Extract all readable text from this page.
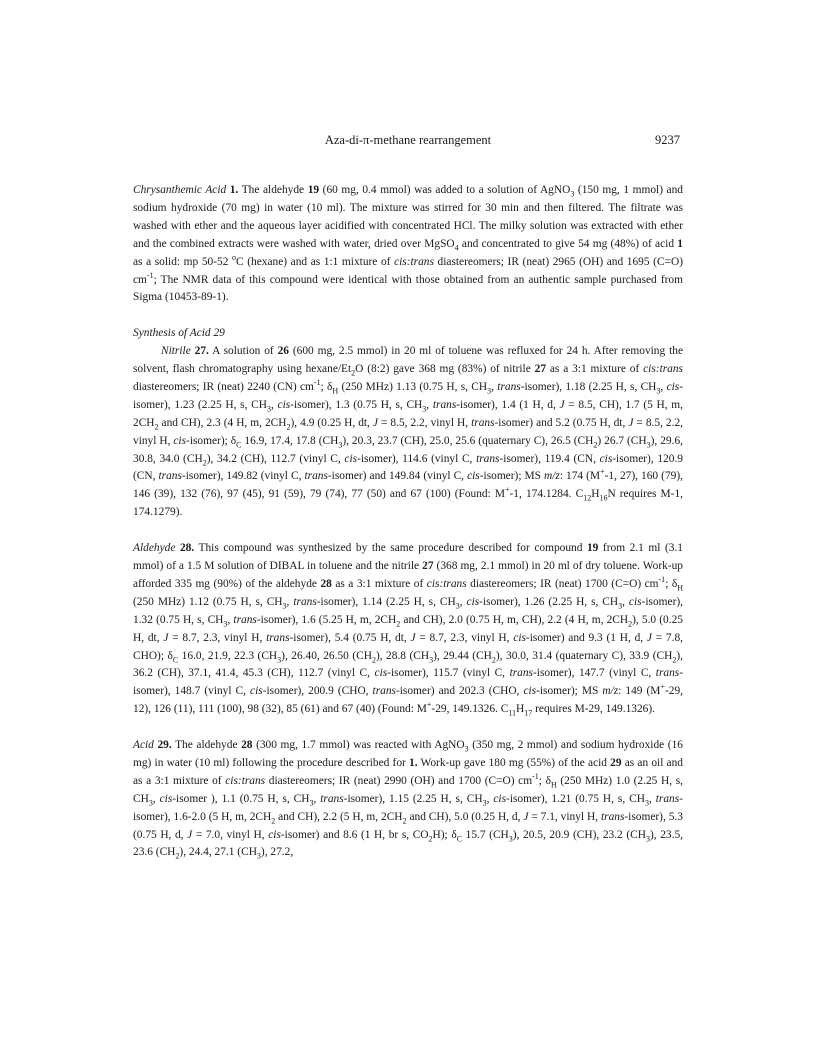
Aza-di-π-methane rearrangement	9237

Chrysanthemic Acid 1. The aldehyde 19 (60 mg, 0.4 mmol) was added to a solution of AgNO$_3$ (150 mg, 1 mmol) and sodium hydroxide (70 mg) in water (10 ml). The mixture was stirred for 30 min and then filtered. The filtrate was washed with ether and the aqueous layer acidified with concentrated HCl. The milky solution was extracted with ether and the combined extracts were washed with water, dried over MgSO$_4$ and concentrated to give 54 mg (48%) of acid 1 as a solid: mp 50-52 $^o$C (hexane) and as 1:1 mixture of cis:trans diastereomers; IR (neat) 2965 (OH) and 1695 (C=O) $cm^{-1}$; The NMR data of this compound were identical with those obtained from an authentic sample purchased from Sigma (10453-89-1).

Synthesis of Acid 29

Nitrile 27. A solution of 26 (600 mg, 2.5 mmol) in 20 ml of toluene was refluxed for 24 h. After removing the solvent, flash chromatography using hexane/$Et_2O$ (8:2) gave 368 mg (83%) of nitrile 27 as a 3:1 mixture of cis:trans diastereomers; IR (neat) 2240 (CN) $cm^{-1}$; $\delta_H$ (250 MHz) 1.13 (0.75 H, s, $CH_3$, trans-isomer), 1.18 (2.25 H, s, $CH_3$, cis-isomer), 1.23 (2.25 H, s, $CH_3$, cis-isomer), 1.3 (0.75 H, s, $CH_3$, trans-isomer), 1.4 (1 H, d, J = 8.5, CH), 1.7 (5 H, m, $2CH_2$ and CH), 2.3 (4 H, m, $2CH_2$), 4.9 (0.25 H, dt, J = 8.5, 2.2, vinyl H, trans-isomer) and 5.2 (0.75 H, dt, J = 8.5, 2.2, vinyl H, cis-isomer); $\delta_C$ 16.9, 17.4, 17.8 $(CH_3)$, 20.3, 23.7 (CH), 25.0, 25.6 (quaternary C), 26.5 $(CH_2)$ 26.7 $(CH_3)$, 29.6, 30.8, 34.0 $(CH_2)$, 34.2 (CH), 112.7 (vinyl C, cis-isomer), 114.6 (vinyl C, trans-isomer), 119.4 (CN, cis-isomer), 120.9 (CN, trans-isomer), 149.82 (vinyl C, trans-isomer) and 149.84 (vinyl C, cis-isomer); MS m/z: 174 (M+-1, 27), 160 (79), 146 (39), 132 (76), 97 (45), 91 (59), 79 (74), 77 (50) and 67 (100) (Found: M+-1, 174.1284. $C_{12}H_{16}N$ requires M-1, 174.1279).

Aldehyde 28. This compound was synthesized by the same procedure described for compound 19 from 2.1 ml (3.1 mmol) of a 1.5 M solution of DIBAL in toluene and the nitrile 27 (368 mg, 2.1 mmol) in 20 ml of dry toluene. Work-up afforded 335 mg (90%) of the aldehyde 28 as a 3:1 mixture of cis:trans diastereomers; IR (neat) 1700 (C=O) $cm^{-1}$; $\delta_H$ (250 MHz) 1.12 (0.75 H, s, $CH_3$, trans-isomer), 1.14 (2.25 H, s, $CH_3$, cis-isomer), 1.26 (2.25 H, s, $CH_3$, cis-isomer), 1.32 (0.75 H, s, $CH_3$, trans-isomer), 1.6 (5.25 H, m, $2CH_2$ and CH), 2.0 (0.75 H, m, CH), 2.2 (4 H, m, $2CH_2$), 5.0 (0.25 H, dt, J = 8.7, 2.3, vinyl H, trans-isomer), 5.4 (0.75 H, dt, J = 8.7, 2.3, vinyl H, cis-isomer) and 9.3 (1 H, d, J = 7.8, CHO); $\delta_C$ 16.0, 21.9, 22.3 $(CH_3)$, 26.40, 26.50 $(CH_2)$, 28.8 $(CH_3)$, 29.44 $(CH_2)$, 30.0, 31.4 (quaternary C), 33.9 $(CH_2)$, 36.2 (CH), 37.1, 41.4, 45.3 (CH), 112.7 (vinyl C, cis-isomer), 115.7 (vinyl C, trans-isomer), 147.7 (vinyl C, trans-isomer), 148.7 (vinyl C, cis-isomer), 200.9 (CHO, trans-isomer) and 202.3 (CHO, cis-isomer); MS m/z: 149 (M+-29, 12), 126 (11), 111 (100), 98 (32), 85 (61) and 67 (40) (Found: M+-29, 149.1326. $C_{11}H_{17}$ requires M-29, 149.1326).

Acid 29. The aldehyde 28 (300 mg, 1.7 mmol) was reacted with AgNO$_3$ (350 mg, 2 mmol) and sodium hydroxide (16 mg) in water (10 ml) following the procedure described for 1. Work-up gave 180 mg (55%) of the acid 29 as an oil and as a 3:1 mixture of cis:trans diastereomers; IR (neat) 2990 (OH) and 1700 (C=O) $cm^{-1}$; $\delta_H$ (250 MHz) 1.0 (2.25 H, s, $CH_3$, cis-isomer ), 1.1 (0.75 H, s, $CH_3$, trans-isomer), 1.15 (2.25 H, s, $CH_3$, cis-isomer), 1.21 (0.75 H, s, $CH_3$, trans-isomer), 1.6-2.0 (5 H, m, $2CH_2$ and CH), 2.2 (5 H, m, $2CH_2$ and CH), 5.0 (0.25 H, d, J = 7.1, vinyl H, trans-isomer), 5.3 (0.75 H, d, J = 7.0, vinyl H, cis-isomer) and 8.6 (1 H, br s, $CO_2H$); $\delta_C$ 15.7 $(CH_3)$, 20.5, 20.9 (CH), 23.2 $(CH_3)$, 23.5, 23.6 $(CH_2)$, 24.4, 27.1 $(CH_3)$, 27.2,
